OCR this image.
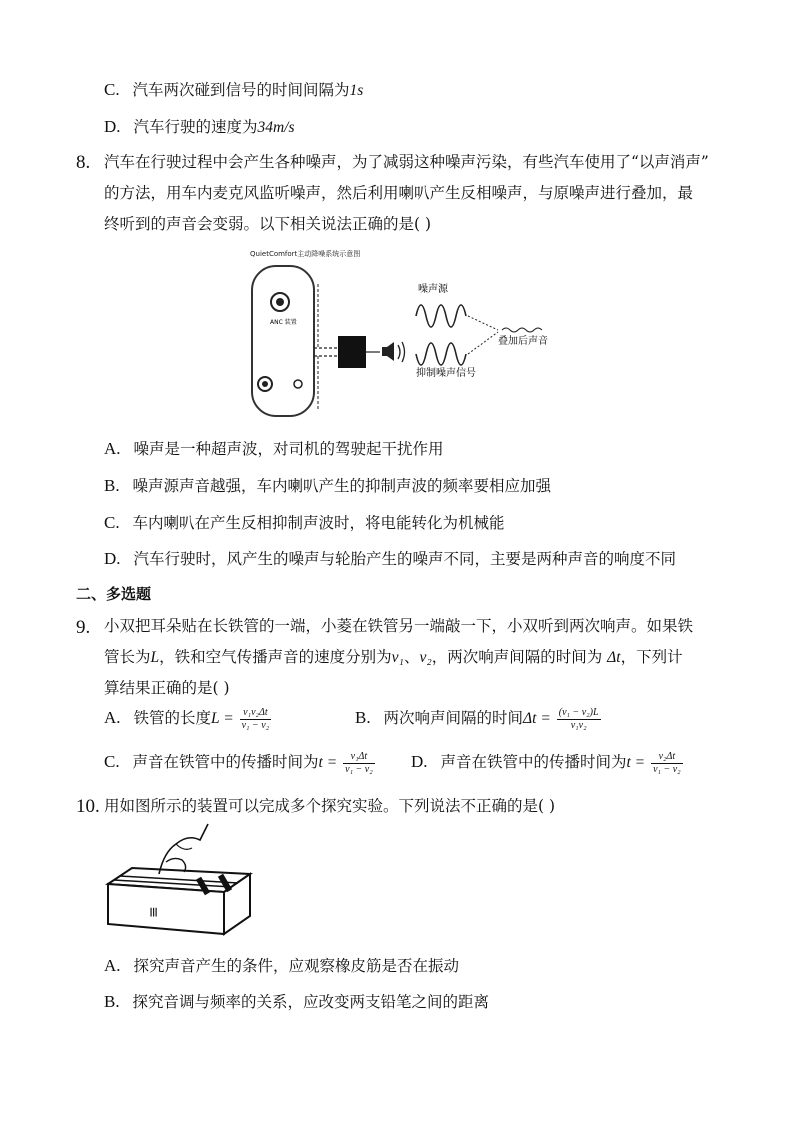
C. 汽车两次碰到信号的时间间隔为1s
D. 汽车行驶的速度为34m/s
8. 汽车在行驶过程中会产生各种噪声，为了减弱这种噪声污染，有些汽车使用了“以声消声”
的方法，用车内麦克风监听噪声，然后利用喇叭产生反相噪声，与原噪声进行叠加，最
终听到的声音会变弱。以下相关说法正确的是( )
QuietComfort主动降噪系统示意图
ANC 装置
噪声源
抑制噪声信号
叠加后声音
A. 噪声是一种超声波，对司机的驾驶起干扰作用
B. 噪声源声音越强，车内喇叭产生的抑制声波的频率要相应加强
C. 车内喇叭在产生反相抑制声波时，将电能转化为机械能
D. 汽车行驶时，风产生的噪声与轮胎产生的噪声不同，主要是两种声音的响度不同
二、多选题
9. 小双把耳朵贴在长铁管的一端，小菱在铁管另一端敲一下，小双听到两次响声。如果铁
管长为L，铁和空气传播声音的速度分别为v₁、v₂，两次响声间隔的时间为 Δt，下列计
算结果正确的是( )
A. 铁管的长度$L = \frac{\text{v₁v₂Δt}}{\text{v₁ − v₂}}$	B. 两次响声间隔的时间$\Delta t = \frac{\text{(v₁ − v₂)L}}{\text{v₁v₂}}$
C. 声音在铁管中的传播时间为$t = \frac{\text{v₁Δt}}{\text{v₁ − v₂}} D$. 声音在铁管中的传播时间为$t = \frac{\text{v₂Δt}}{\text{v₁ − v₂}}$
10. 用如图所示的装置可以完成多个探究实验。下列说法不正确的是( )
≡
A. 探究声音产生的条件，应观察橡皮筋是否在振动
B. 探究音调与频率的关系，应改变两支铅笔之间的距离
